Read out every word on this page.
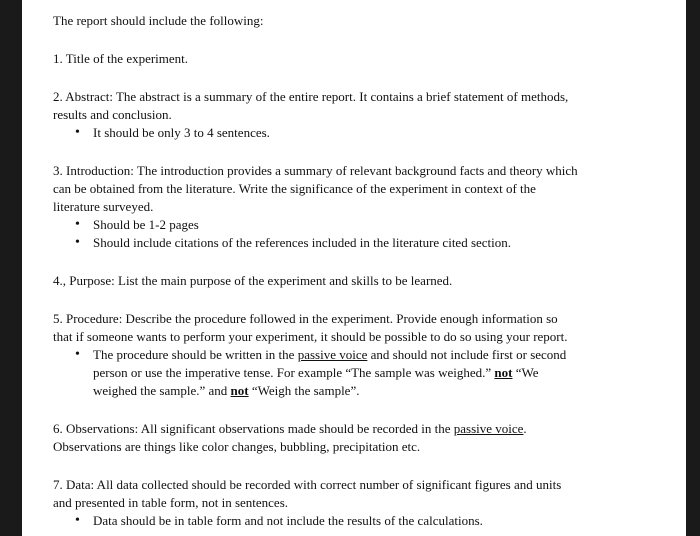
The report should include the following:

1. Title of the experiment.

2. Abstract: The abstract is a summary of the entire report. It contains a brief statement of methods,

results and conclusion.

• It should be only 3 to 4 sentences.

3. Introduction: The introduction provides a summary of relevant background facts and theory which

can be obtained from the literature. Write the significance of the experiment in context of the

literature surveyed.

• Should be 1-2 pages
• Should include citations of the references included in the literature cited section.

4., Purpose: List the main purpose of the experiment and skills to be learned.

5. Procedure: Describe the procedure followed in the experiment. Provide enough information so

that if someone wants to perform your experiment, it should be possible to do so using your report.

• The procedure should be written in the passive voice and should not include first or second
person or use the imperative tense. For example “The sample was weighed.” not “We
weighed the sample.” and not “Weigh the sample”.

6. Observations: All significant observations made should be recorded in the passive voice.

Observations are things like color changes, bubbling, precipitation etc.

7. Data: All data collected should be recorded with correct number of significant figures and units

and presented in table form, not in sentences.

• Data should be in table form and not include the results of the calculations.
